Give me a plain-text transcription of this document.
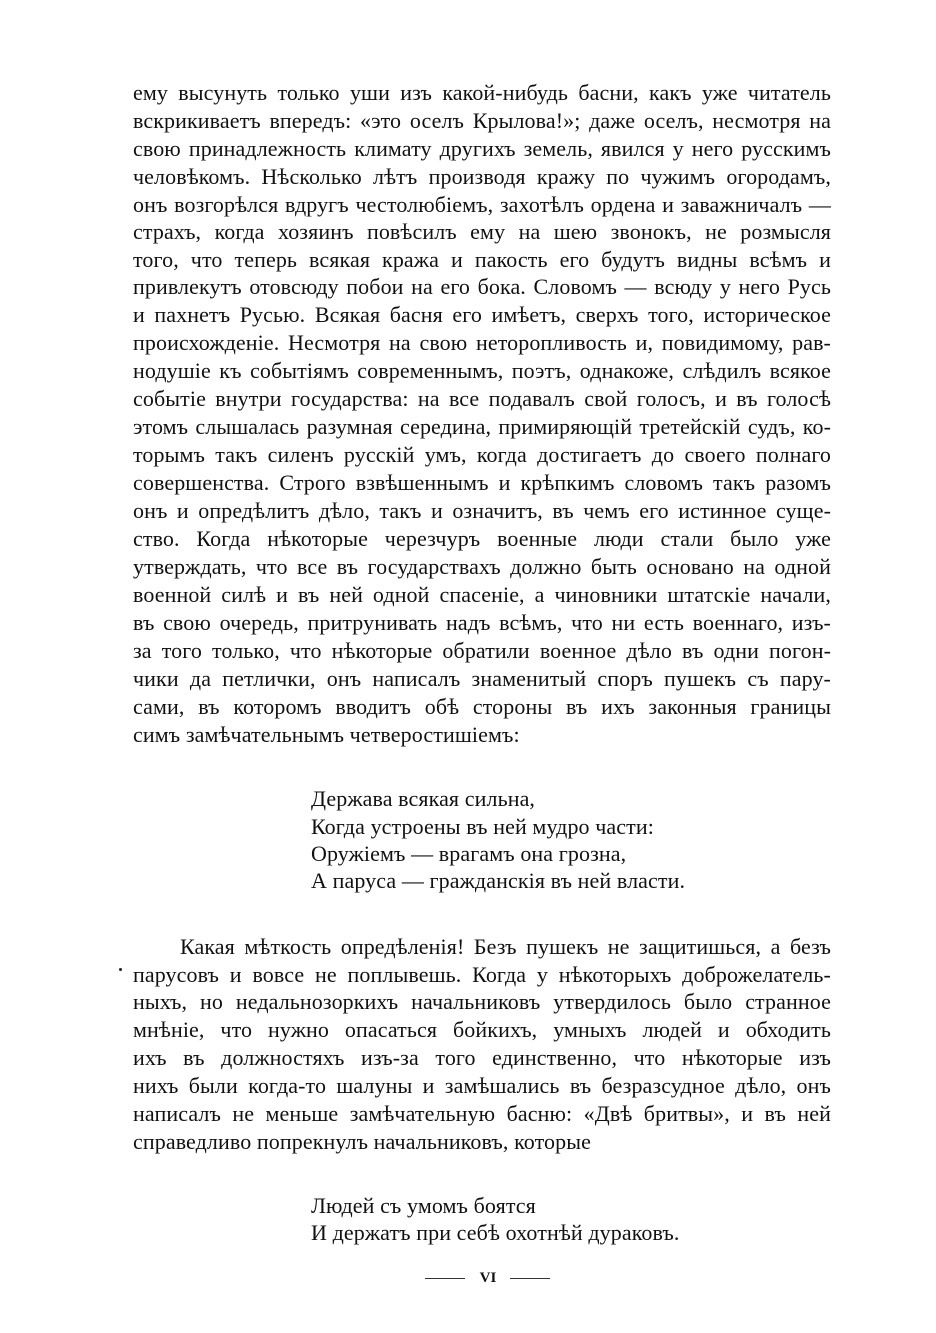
ему высунуть только уши изъ какой-нибудь басни, какъ уже читатель
вскрикиваетъ впередъ: «это оселъ Крылова!»; даже оселъ, несмотря на
свою принадлежность климату другихъ земель, явился у него русскимъ
человѣкомъ. Нѣсколько лѣтъ производя кражу по чужимъ огородамъ,
онъ возгорѣлся вдругъ честолюбіемъ, захотѣлъ ордена и заважничалъ —
страхъ, когда хозяинъ повѣсилъ ему на шею звонокъ, не розмысля
того, что теперь всякая кража и пакость его будутъ видны всѣмъ и
привлекутъ отовсюду побои на его бока. Словомъ — всюду у него Русь
и пахнетъ Русью. Всякая басня его имѣетъ, сверхъ того, историческое
происхожденіе. Несмотря на свою неторопливость и, повидимому, рав-
нодушіе къ событіямъ современнымъ, поэтъ, однакоже, слѣдилъ всякое
событіе внутри государства: на все подавалъ свой голосъ, и въ голосѣ
этомъ слышалась разумная середина, примиряющій третейскій судъ, ко-
торымъ такъ силенъ русскій умъ, когда достигаетъ до своего полнаго
совершенства. Строго взвѣшеннымъ и крѣпкимъ словомъ такъ разомъ
онъ и опредѣлитъ дѣло, такъ и означитъ, въ чемъ его истинное суще-
ство. Когда нѣкоторые черезчуръ военные люди стали было уже
утверждать, что все въ государствахъ должно быть основано на одной
военной силѣ и въ ней одной спасеніе, а чиновники штатскіе начали,
въ свою очередь, притрунивать надъ всѣмъ, что ни есть военнаго, изъ-
за того только, что нѣкоторые обратили военное дѣло въ одни погон-
чики да петлички, онъ написалъ знаменитый споръ пушекъ съ пару-
сами, въ которомъ вводитъ обѣ стороны въ ихъ законныя границы
симъ замѣчательнымъ четверостишіемъ:
Держава всякая сильна,
Когда устроены въ ней мудро части:
Оружіемъ — врагамъ она грозна,
А паруса — гражданскія въ ней власти.
Какая мѣткость опредѣленія! Безъ пушекъ не защитишься, а безъ
парусовъ и вовсе не поплывешь. Когда у нѣкоторыхъ доброжелатель-
ныхъ, но недальнозоркихъ начальниковъ утвердилось было странное
мнѣніе, что нужно опасаться бойкихъ, умныхъ людей и обходить
ихъ въ должностяхъ изъ-за того единственно, что нѣкоторые изъ
нихъ были когда-то шалуны и замѣшались въ безразсудное дѣло, онъ
написалъ не меньше замѣчательную басню: «Двѣ бритвы», и въ ней
справедливо попрекнулъ начальниковъ, которые
Людей съ умомъ боятся
И держатъ при себѣ охотнѣй дураковъ.
VI
